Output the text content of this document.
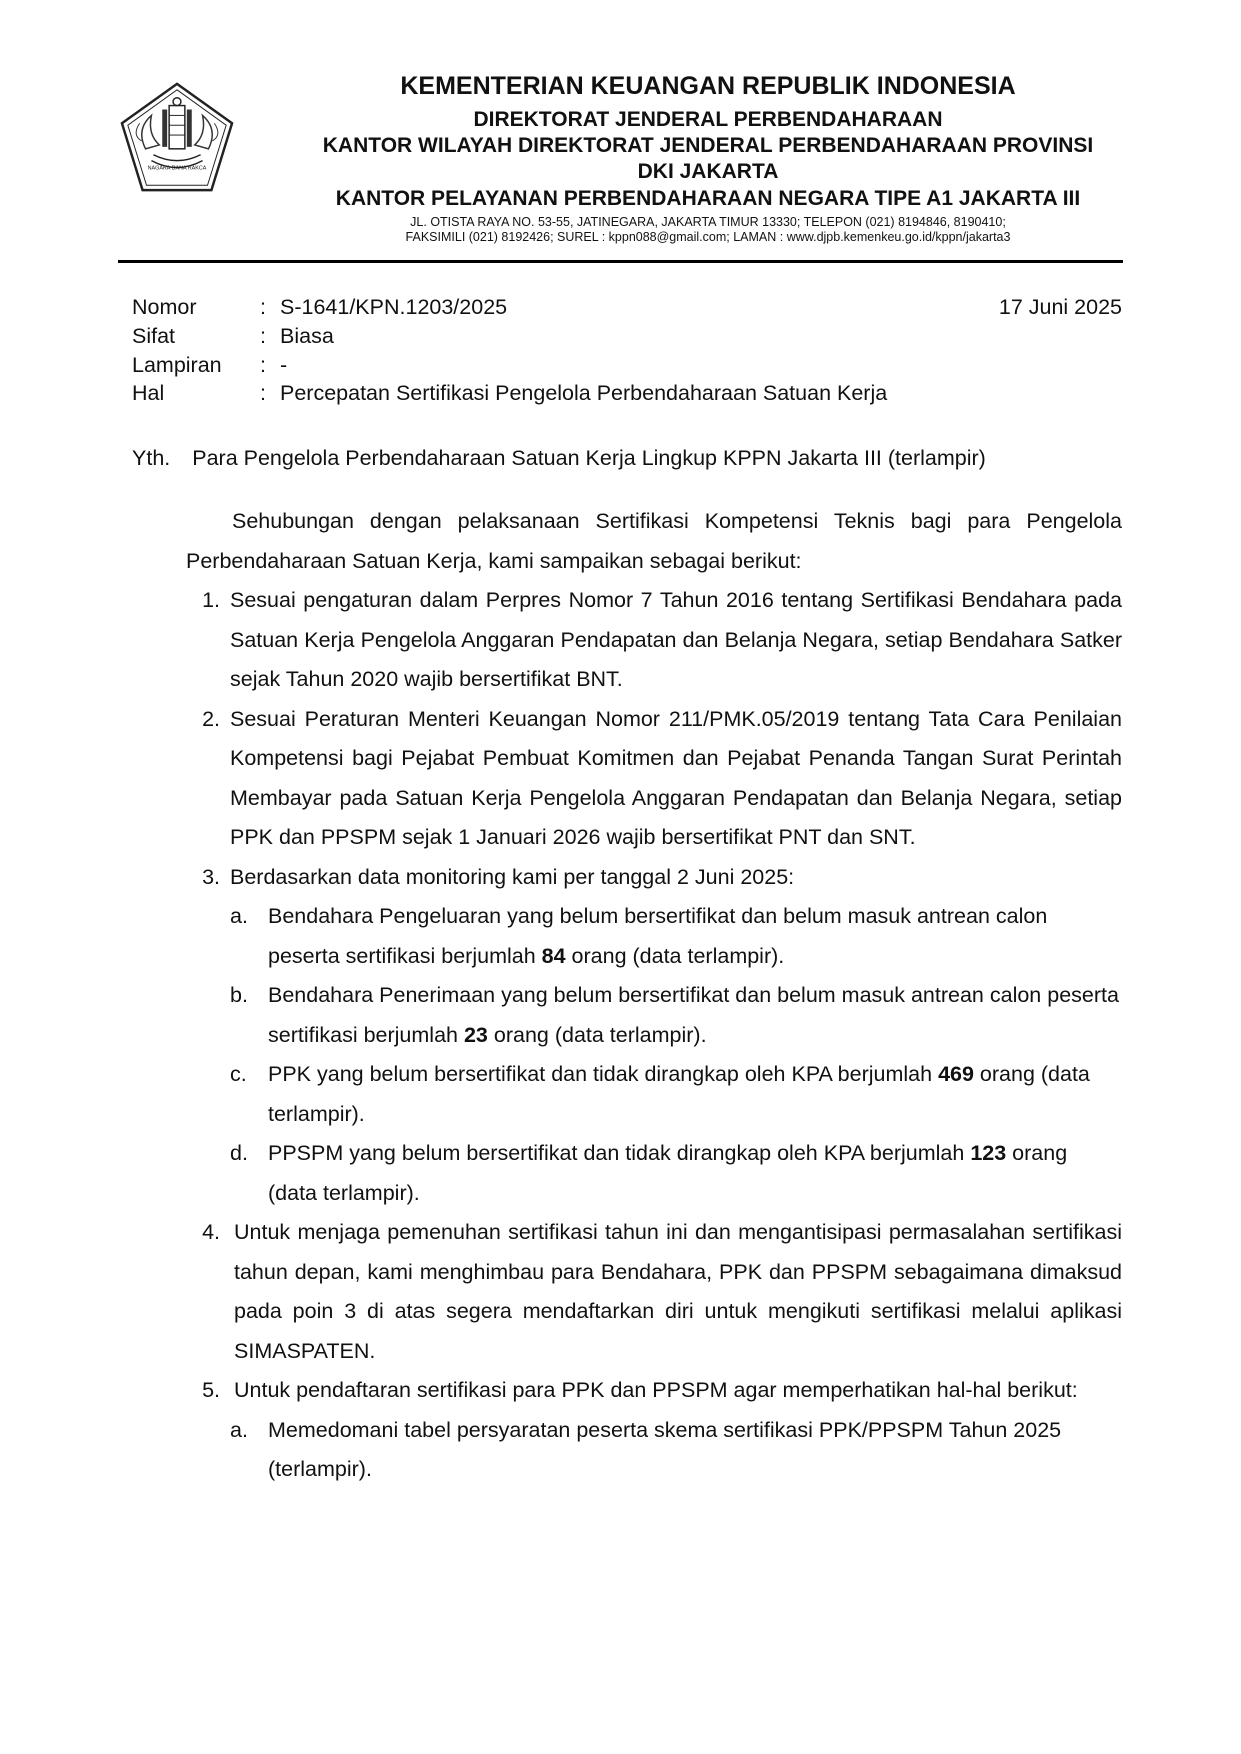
NAGARA DANA RAKCA
KEMENTERIAN KEUANGAN REPUBLIK INDONESIA
DIREKTORAT JENDERAL PERBENDAHARAAN
KANTOR WILAYAH DIREKTORAT JENDERAL PERBENDAHARAAN PROVINSI
DKI JAKARTA
KANTOR PELAYANAN PERBENDAHARAAN NEGARA TIPE A1 JAKARTA III
JL. OTISTA RAYA NO. 53-55, JATINEGARA, JAKARTA TIMUR 13330; TELEPON (021) 8194846, 8190410;
FAKSIMILI (021) 8192426; SUREL : kppn088@gmail.com; LAMAN : www.djpb.kemenkeu.go.id/kppn/jakarta3
Nomor	: S-1641/KPN.1203/2025	17 Juni 2025
Sifat	: Biasa
Lampiran : -
Hal	: Percepatan Sertifikasi Pengelola Perbendaharaan Satuan Kerja
Yth. Para Pengelola Perbendaharaan Satuan Kerja Lingkup KPPN Jakarta III (terlampir)

Sehubungan dengan pelaksanaan Sertifikasi Kompetensi Teknis bagi para Pengelola Perbendaharaan Satuan Kerja, kami sampaikan sebagai berikut:

1. Sesuai pengaturan dalam Perpres Nomor 7 Tahun 2016 tentang Sertifikasi Bendahara pada Satuan Kerja Pengelola Anggaran Pendapatan dan Belanja Negara, setiap Bendahara Satker sejak Tahun 2020 wajib bersertifikat BNT.
2. Sesuai Peraturan Menteri Keuangan Nomor 211/PMK.05/2019 tentang Tata Cara Penilaian Kompetensi bagi Pejabat Pembuat Komitmen dan Pejabat Penanda Tangan Surat Perintah Membayar pada Satuan Kerja Pengelola Anggaran Pendapatan dan Belanja Negara, setiap PPK dan PPSPM sejak 1 Januari 2026 wajib bersertifikat PNT dan SNT.
3. Berdasarkan data monitoring kami per tanggal 2 Juni 2025:
a. Bendahara Pengeluaran yang belum bersertifikat dan belum masuk antrean calon peserta sertifikasi berjumlah 84 orang (data terlampir).
b. Bendahara Penerimaan yang belum bersertifikat dan belum masuk antrean calon peserta sertifikasi berjumlah 23 orang (data terlampir).
c. PPK yang belum bersertifikat dan tidak dirangkap oleh KPA berjumlah 469 orang (data terlampir).
d. PPSPM yang belum bersertifikat dan tidak dirangkap oleh KPA berjumlah 123 orang (data terlampir).
4. Untuk menjaga pemenuhan sertifikasi tahun ini dan mengantisipasi permasalahan sertifikasi tahun depan, kami menghimbau para Bendahara, PPK dan PPSPM sebagaimana dimaksud pada poin 3 di atas segera mendaftarkan diri untuk mengikuti sertifikasi melalui aplikasi SIMASPATEN.
5. Untuk pendaftaran sertifikasi para PPK dan PPSPM agar memperhatikan hal-hal berikut:
a. Memedomani tabel persyaratan peserta skema sertifikasi PPK/PPSPM Tahun 2025 (terlampir).
